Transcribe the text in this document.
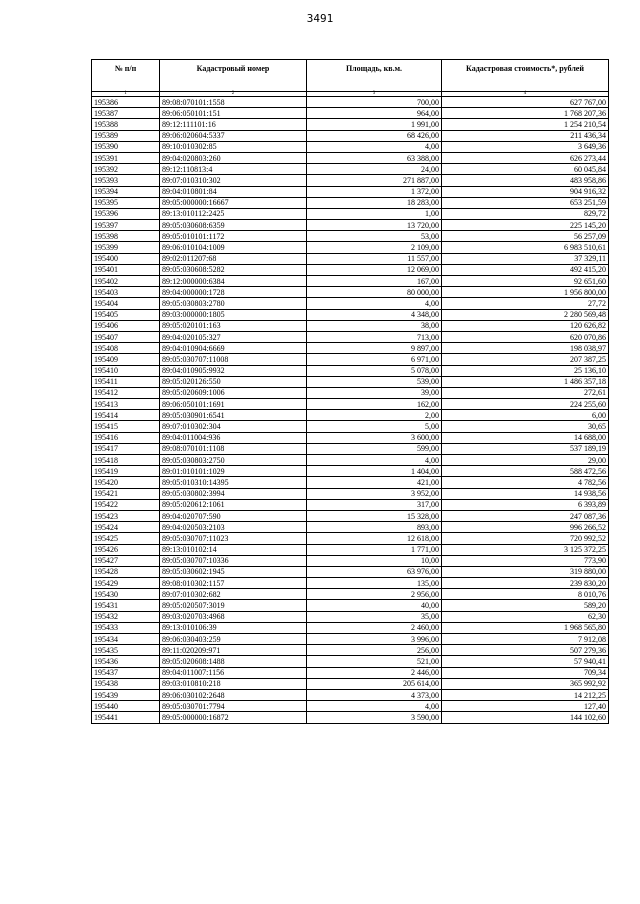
3491
№ п/п	Кадастровый номер	Площадь, кв.м.	Кадастровая стоимость*, рублей
1	2	3	4
195386	89:08:070101:1558	700,00	627 767,00
195387	89:06:050101:151	964,00	1 768 207,36
195388	89:12:111101:16	1 991,00	1 254 210,54
195389	89:06:020604:5337	68 426,00	211 436,34
195390	89:10:010302:85	4,00	3 649,36
195391	89:04:020803:260	63 388,00	626 273,44
195392	89:12:110813:4	24,00	60 045,84
195393	89:07:010310:302	271 887,00	483 958,86
195394	89:04:010801:84	1 372,00	904 916,32
195395	89:05:000000:16667	18 283,00	653 251,59
195396	89:13:010112:2425	1,00	829,72
195397	89:05:030608:6359	13 720,00	225 145,20
195398	89:05:010101:1172	53,00	56 257,09
195399	89:06:010104:1009	2 109,00	6 983 510,61
195400	89:02:011207:68	11 557,00	37 329,11
195401	89:05:030608:5282	12 069,00	492 415,20
195402	89:12:000000:6384	167,00	92 651,60
195403	89:04:000000:1728	80 000,00	1 956 800,00
195404	89:05:030803:2780	4,00	27,72
195405	89:03:000000:1805	4 348,00	2 280 569,48
195406	89:05:020101:163	38,00	120 626,82
195407	89:04:020105:327	713,00	620 070,86
195408	89:04:010904:6669	9 897,00	198 038,97
195409	89:05:030707:11008	6 971,00	207 387,25
195410	89:04:010905:9932	5 078,00	25 136,10
195411	89:05:020126:550	539,00	1 486 357,18
195412	89:05:020609:1006	39,00	272,61
195413	89:06:050101:1691	162,00	224 255,60
195414	89:05:030901:6541	2,00	6,00
195415	89:07:010302:304	5,00	30,65
195416	89:04:011004:936	3 600,00	14 688,00
195417	89:08:070101:1108	599,00	537 189,19
195418	89:05:030803:2750	4,00	29,00
195419	89:01:010101:1029	1 404,00	588 472,56
195420	89:05:010310:14395	421,00	4 782,56
195421	89:05:030802:3994	3 952,00	14 938,56
195422	89:05:020612:1061	317,00	6 393,89
195423	89:04:020707:590	15 328,00	247 087,36
195424	89:04:020503:2103	893,00	996 266,52
195425	89:05:030707:11023	12 618,00	720 992,52
195426	89:13:010102:14	1 771,00	3 125 372,25
195427	89:05:030707:10336	10,00	773,90
195428	89:05:030602:1945	63 976,00	319 880,00
195429	89:08:010302:1157	135,00	239 830,20
195430	89:07:010302:682	2 956,00	8 010,76
195431	89:05:020507:3019	40,00	589,20
195432	89:03:020703:4968	35,00	62,30
195433	89:13:010106:39	2 460,00	1 968 565,80
195434	89:06:030403:259	3 996,00	7 912,08
195435	89:11:020209:971	256,00	507 279,36
195436	89:05:020608:1488	521,00	57 940,41
195437	89:04:011007:1156	2 446,00	709,34
195438	89:03:010810:218	205 614,00	365 992,92
195439	89:06:030102:2648	4 373,00	14 212,25
195440	89:05:030701:7794	4,00	127,40
195441	89:05:000000:16872	3 590,00	144 102,60
